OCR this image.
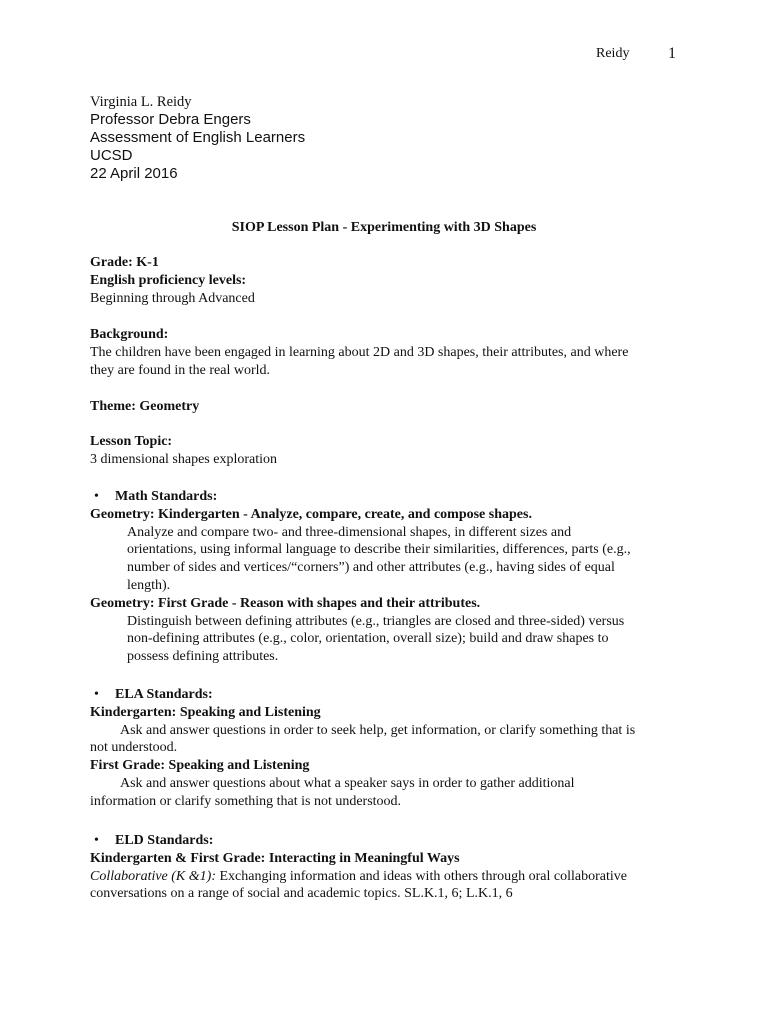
Reidy 1
Virginia L. Reidy
Professor Debra Engers
Assessment of English Learners
UCSD
22 April 2016
SIOP Lesson Plan - Experimenting with 3D Shapes
Grade: K-1
English proficiency levels:
Beginning through Advanced
Background:
The children have been engaged in learning about 2D and 3D shapes, their attributes, and where
they are found in the real world.
Theme: Geometry
Lesson Topic:
3 dimensional shapes exploration
• Math Standards:
Geometry: Kindergarten - Analyze, compare, create, and compose shapes.
Analyze and compare two- and three-dimensional shapes, in different sizes and
orientations, using informal language to describe their similarities, differences, parts (e.g.,
number of sides and vertices/“corners”) and other attributes (e.g., having sides of equal
length).
Geometry: First Grade - Reason with shapes and their attributes.
Distinguish between defining attributes (e.g., triangles are closed and three-sided) versus
non-defining attributes (e.g., color, orientation, overall size); build and draw shapes to
possess defining attributes.
• ELA Standards:
Kindergarten: Speaking and Listening
Ask and answer questions in order to seek help, get information, or clarify something that is
not understood.
First Grade: Speaking and Listening
Ask and answer questions about what a speaker says in order to gather additional
information or clarify something that is not understood.
• ELD Standards:
Kindergarten & First Grade: Interacting in Meaningful Ways
Collaborative (K &1): Exchanging information and ideas with others through oral collaborative
conversations on a range of social and academic topics. SL.K.1, 6; L.K.1, 6
